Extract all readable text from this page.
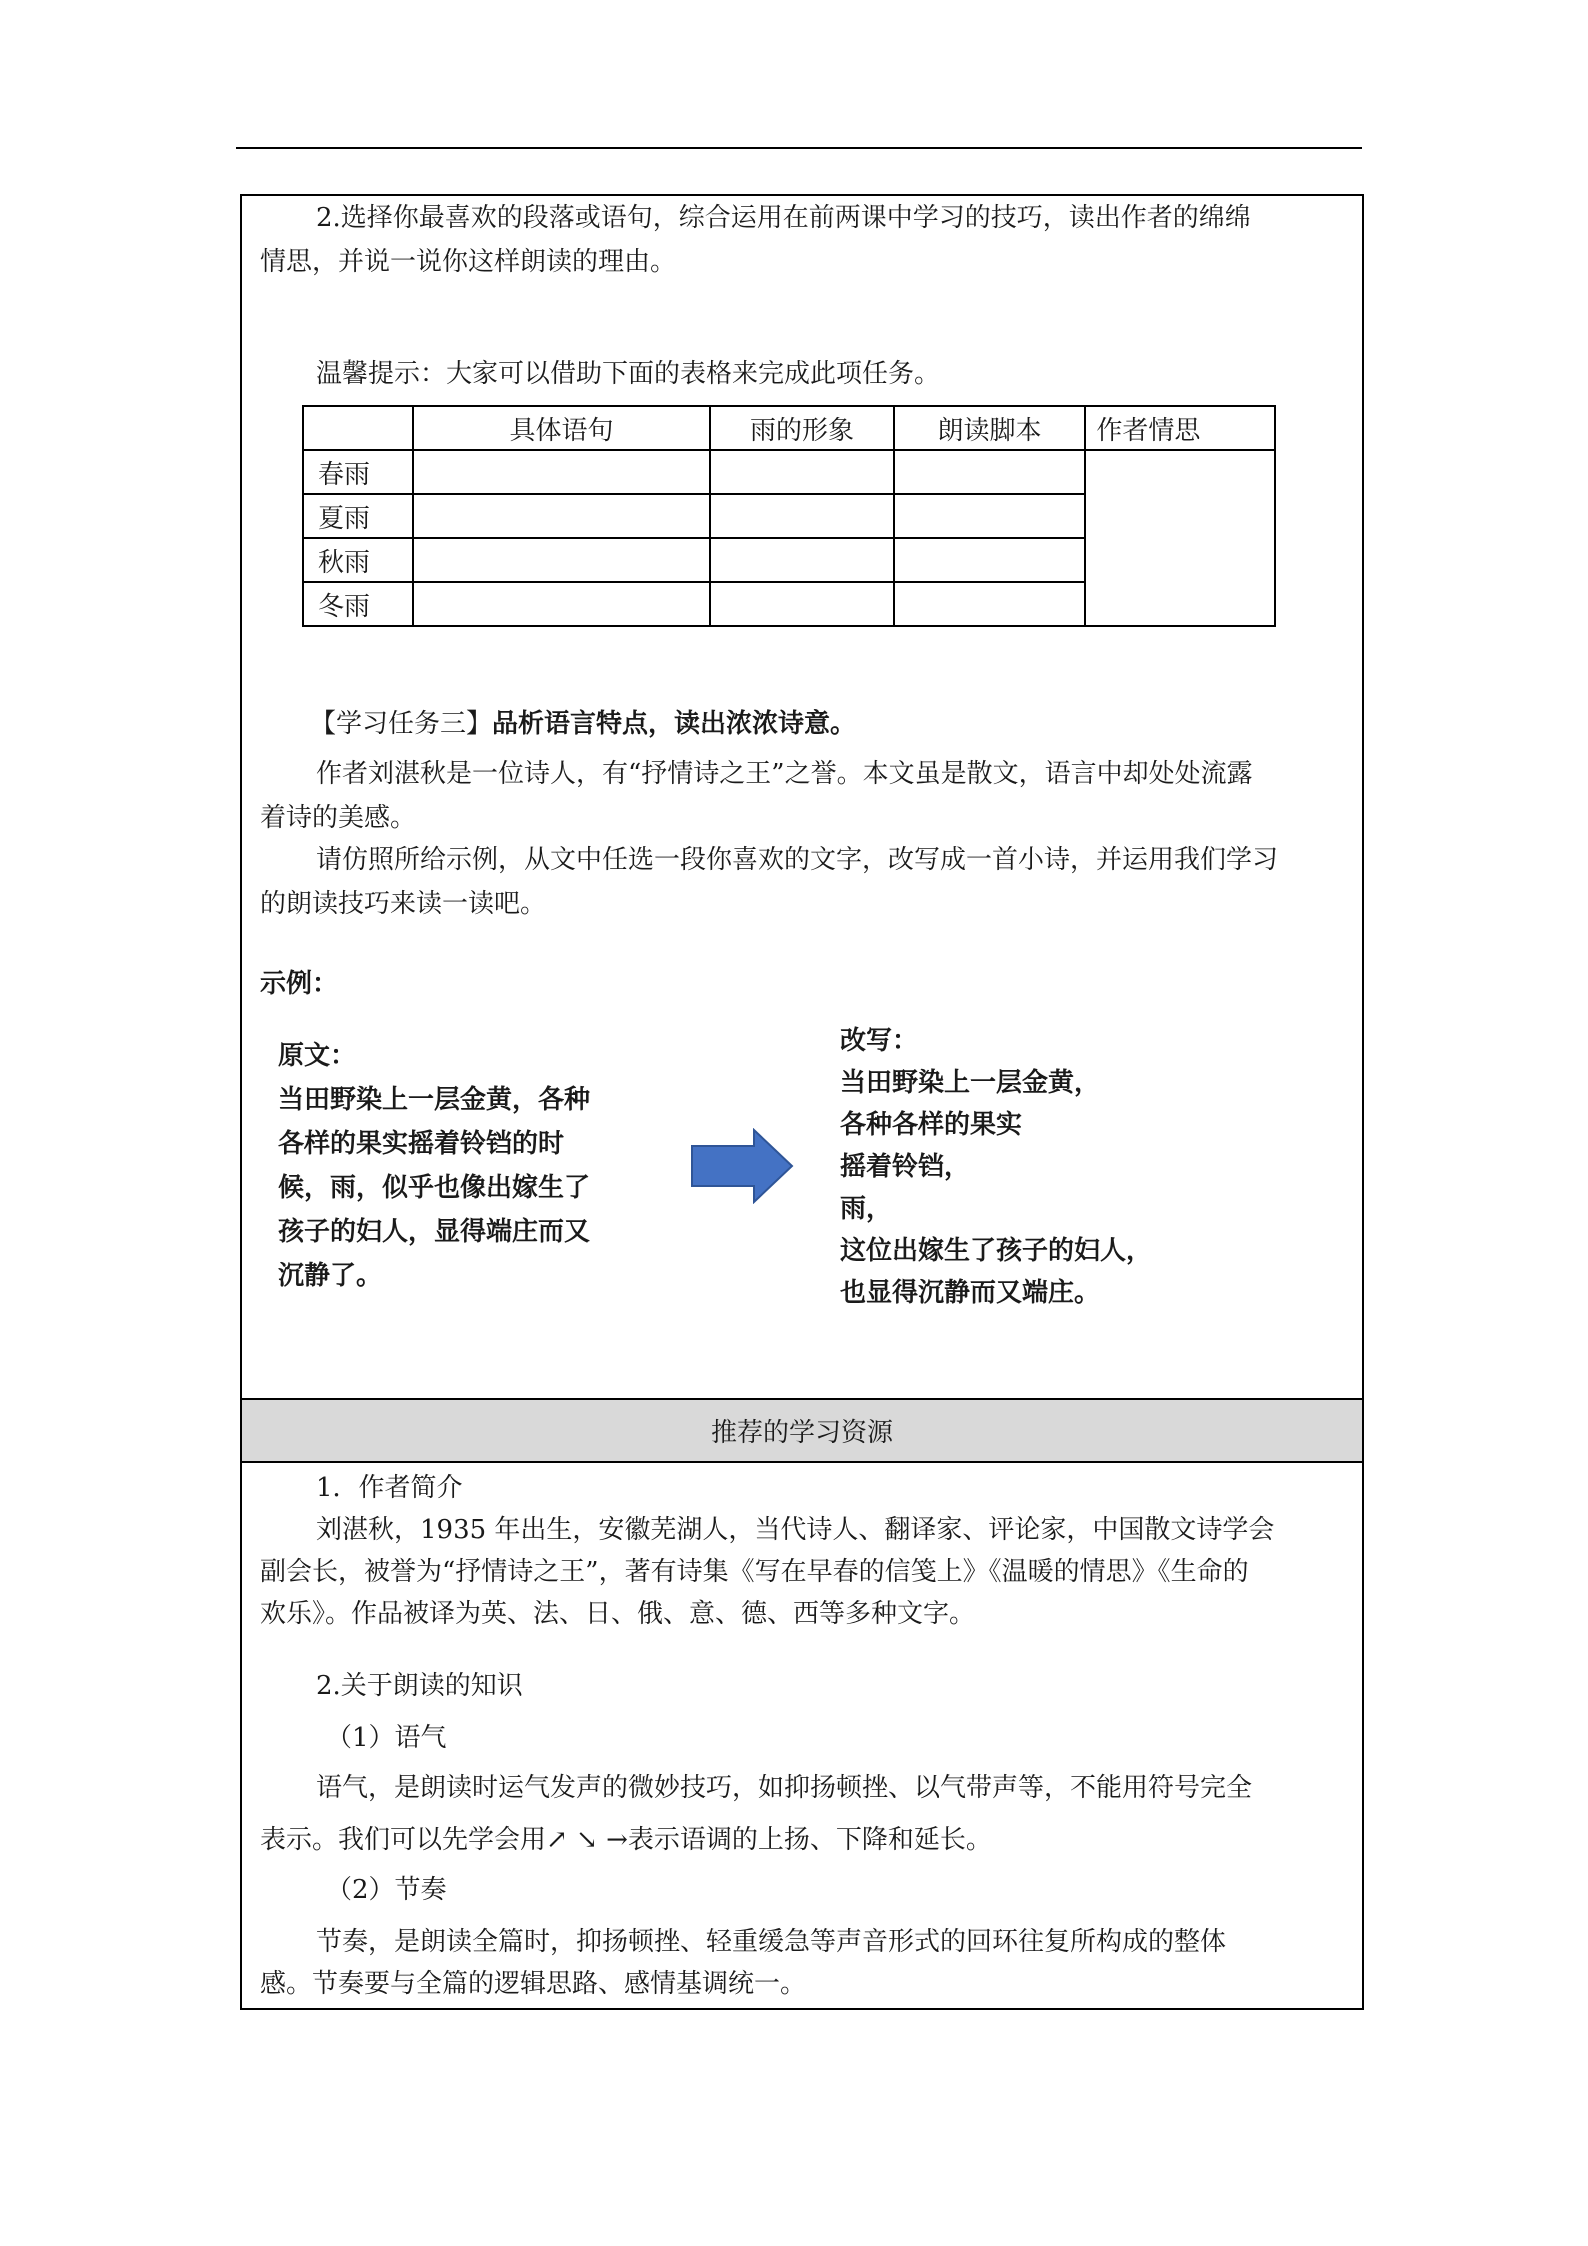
2.选择你最喜欢的段落或语句，综合运用在前两课中学习的技巧，读出作者的绵绵

情思，并说一说你这样朗读的理由。

温馨提示：大家可以借助下面的表格来完成此项任务。

	具体语句	雨的形象	朗读脚本	作者情思
春雨				
夏雨				
秋雨				
冬雨				

【学习任务三】品析语言特点，读出浓浓诗意。

作者刘湛秋是一位诗人，有“抒情诗之王”之誉。本文虽是散文，语言中却处处流露

着诗的美感。

请仿照所给示例，从文中任选一段你喜欢的文字，改写成一首小诗，并运用我们学习

示例：

的朗读技巧来读一读吧。

原文：
当田野染上一层金黄，各种
各样的果实摇着铃铛的时
候，雨，似乎也像出嫁生了
孩子的妇人，显得端庄而又
沉静了。
改写：
当田野染上一层金黄，
各种各样的果实
摇着铃铛，
雨，
这位出嫁生了孩子的妇人，
也显得沉静而又端庄。
推荐的学习资源

1．作者简介

刘湛秋，1935 年出生，安徽芜湖人，当代诗人、翻译家、评论家，中国散文诗学会

副会长，被誉为“抒情诗之王”，著有诗集《写在早春的信笺上》《温暖的情思》《生命的

欢乐》。作品被译为英、法、日、俄、意、德、西等多种文字。

2.关于朗读的知识

（1）语气

语气，是朗读时运气发声的微妙技巧，如抑扬顿挫、以气带声等，不能用符号完全

表示。我们可以先学会用↗ ↘ →表示语调的上扬、下降和延长。

（2）节奏

节奏，是朗读全篇时，抑扬顿挫、轻重缓急等声音形式的回环往复所构成的整体

感。节奏要与全篇的逻辑思路、感情基调统一。
